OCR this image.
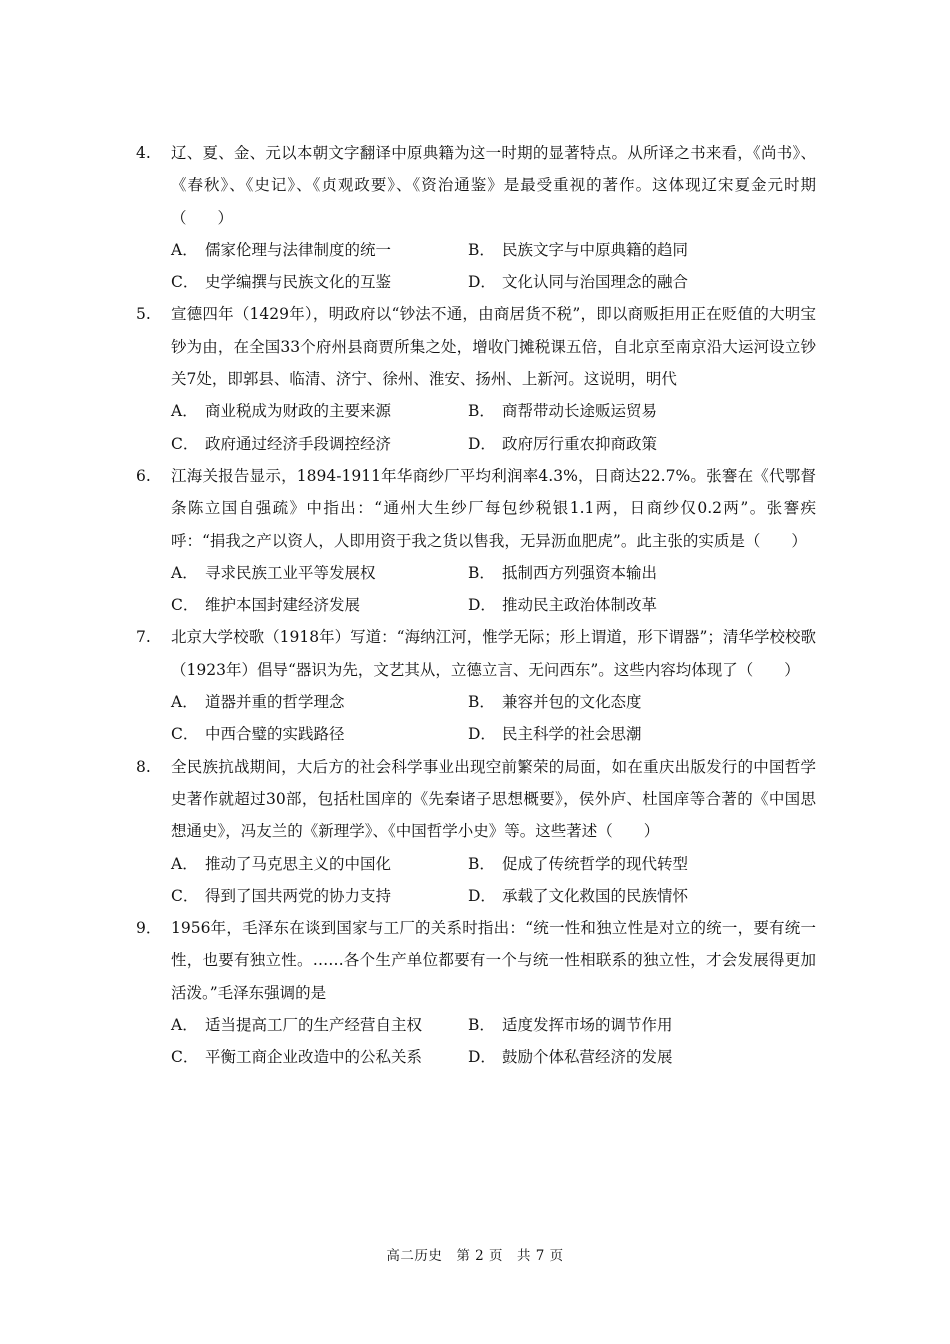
4.	辽、夏、金、元以本朝文字翻译中原典籍为这一时期的显著特点。从所译之书来看，《尚书》、《春秋》、《史记》、《贞观政要》、《资治通鉴》是最受重视的著作。这体现辽宋夏金元时期（　　）
A． 儒家伦理与法律制度的统一	B． 民族文字与中原典籍的趋同
C． 史学编撰与民族文化的互鉴	D． 文化认同与治国理念的融合
5.	宣德四年（1429年），明政府以“钞法不通，由商居货不税”，即以商贩拒用正在贬值的大明宝钞为由，在全国33个府州县商贾所集之处，增收门摊税课五倍，自北京至南京沿大运河设立钞关7处，即郭县、临清、济宁、徐州、淮安、扬州、上新河。这说明，明代
A． 商业税成为财政的主要来源	B． 商帮带动长途贩运贸易
C． 政府通过经济手段调控经济	D． 政府厉行重农抑商政策
6.	江海关报告显示，1894-1911年华商纱厂平均利润率4.3%，日商达22.7%。张謇在《代鄂督条陈立国自强疏》中指出：“通州大生纱厂每包纱税银1.1两，日商纱仅0.2两”。张謇疾呼：“捐我之产以资人，人即用资于我之货以售我，无异沥血肥虎”。此主张的实质是（　　）
A． 寻求民族工业平等发展权	B． 抵制西方列强资本输出
C． 维护本国封建经济发展	D． 推动民主政治体制改革
7.	北京大学校歌（1918年）写道：“海纳江河，惟学无际；形上谓道，形下谓器”；清华学校校歌（1923年）倡导“器识为先，文艺其从，立德立言、无问西东”。这些内容均体现了（　　）
A． 道器并重的哲学理念	B． 兼容并包的文化态度
C． 中西合璧的实践路径	D． 民主科学的社会思潮
8.	全民族抗战期间，大后方的社会科学事业出现空前繁荣的局面，如在重庆出版发行的中国哲学史著作就超过30部，包括杜国庠的《先秦诸子思想概要》，侯外庐、杜国庠等合著的《中国思想通史》，冯友兰的《新理学》、《中国哲学小史》等。这些著述（　　）
A． 推动了马克思主义的中国化	B． 促成了传统哲学的现代转型
C． 得到了国共两党的协力支持	D． 承载了文化救国的民族情怀
9． 1956年，毛泽东在谈到国家与工厂的关系时指出：“统一性和独立性是对立的统一，要有统一性，也要有独立性。……各个生产单位都要有一个与统一性相联系的独立性，才会发展得更加活泼。”毛泽东强调的是
A． 适当提高工厂的生产经营自主权	B． 适度发挥市场的调节作用
C． 平衡工商企业改造中的公私关系	D． 鼓励个体私营经济的发展
高二历史　第 2 页　共 7 页
